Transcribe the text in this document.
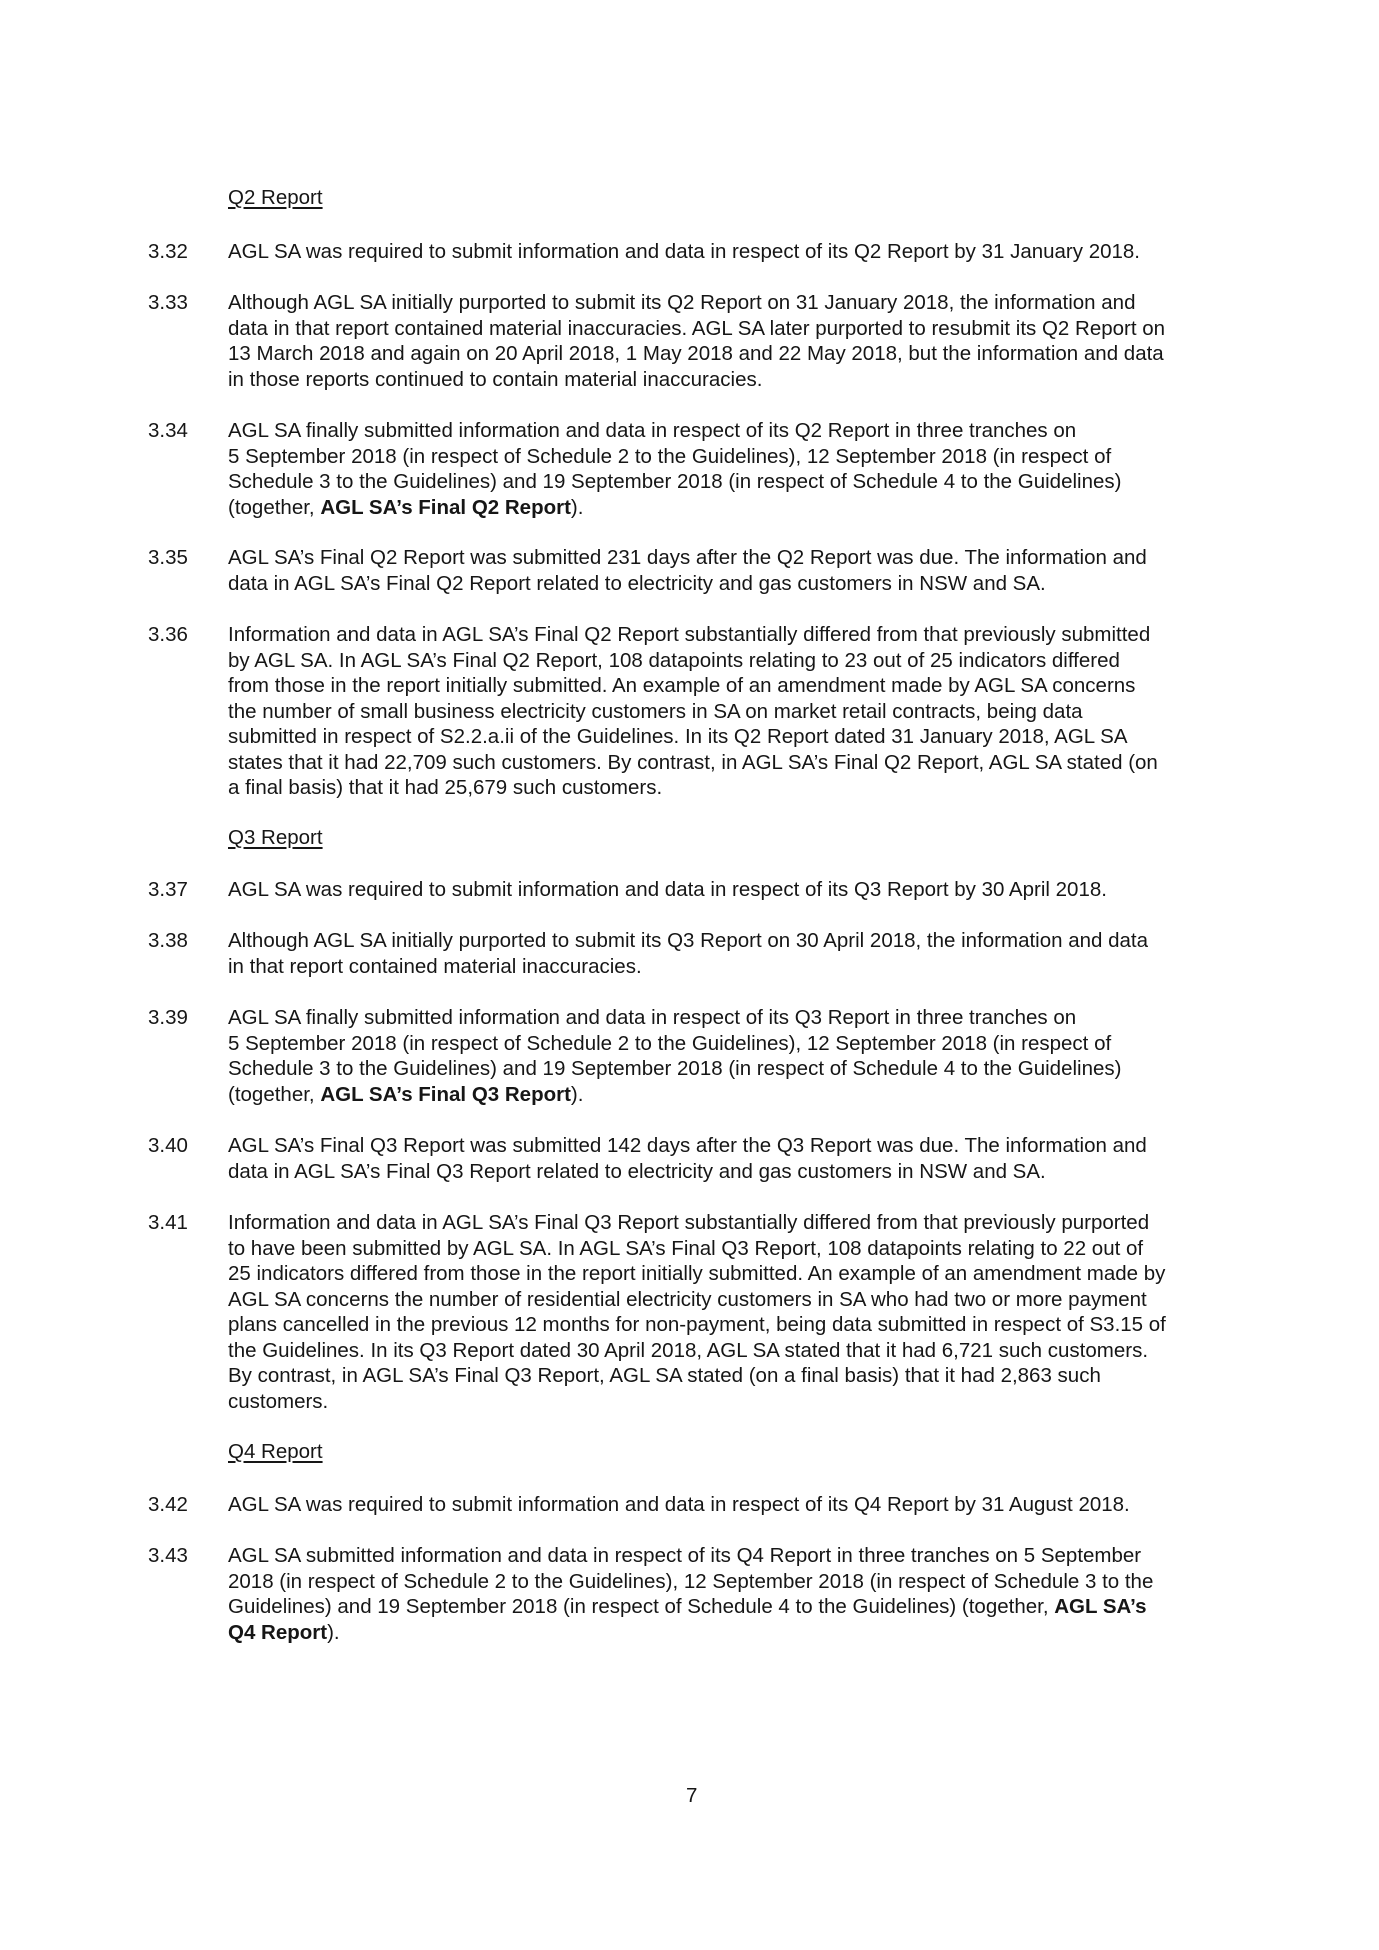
Q2 Report
3.32 AGL SA was required to submit information and data in respect of its Q2 Report by 31 January 2018.
3.33 Although AGL SA initially purported to submit its Q2 Report on 31 January 2018, the information and
data in that report contained material inaccuracies. AGL SA later purported to resubmit its Q2 Report on
13 March 2018 and again on 20 April 2018, 1 May 2018 and 22 May 2018, but the information and data
in those reports continued to contain material inaccuracies.
3.34 AGL SA finally submitted information and data in respect of its Q2 Report in three tranches on
5 September 2018 (in respect of Schedule 2 to the Guidelines), 12 September 2018 (in respect of
Schedule 3 to the Guidelines) and 19 September 2018 (in respect of Schedule 4 to the Guidelines)
(together, AGL SA’s Final Q2 Report).
3.35 AGL SA’s Final Q2 Report was submitted 231 days after the Q2 Report was due. The information and
data in AGL SA’s Final Q2 Report related to electricity and gas customers in NSW and SA.
3.36 Information and data in AGL SA’s Final Q2 Report substantially differed from that previously submitted
by AGL SA. In AGL SA’s Final Q2 Report, 108 datapoints relating to 23 out of 25 indicators differed
from those in the report initially submitted. An example of an amendment made by AGL SA concerns
the number of small business electricity customers in SA on market retail contracts, being data
submitted in respect of S2.2.a.ii of the Guidelines. In its Q2 Report dated 31 January 2018, AGL SA
states that it had 22,709 such customers. By contrast, in AGL SA’s Final Q2 Report, AGL SA stated (on
a final basis) that it had 25,679 such customers.
Q3 Report
3.37 AGL SA was required to submit information and data in respect of its Q3 Report by 30 April 2018.
3.38 Although AGL SA initially purported to submit its Q3 Report on 30 April 2018, the information and data
in that report contained material inaccuracies.
3.39 AGL SA finally submitted information and data in respect of its Q3 Report in three tranches on
5 September 2018 (in respect of Schedule 2 to the Guidelines), 12 September 2018 (in respect of
Schedule 3 to the Guidelines) and 19 September 2018 (in respect of Schedule 4 to the Guidelines)
(together, AGL SA’s Final Q3 Report).
3.40 AGL SA’s Final Q3 Report was submitted 142 days after the Q3 Report was due. The information and
data in AGL SA’s Final Q3 Report related to electricity and gas customers in NSW and SA.
3.41 Information and data in AGL SA’s Final Q3 Report substantially differed from that previously purported
to have been submitted by AGL SA. In AGL SA’s Final Q3 Report, 108 datapoints relating to 22 out of
25 indicators differed from those in the report initially submitted. An example of an amendment made by
AGL SA concerns the number of residential electricity customers in SA who had two or more payment
plans cancelled in the previous 12 months for non-payment, being data submitted in respect of S3.15 of
the Guidelines. In its Q3 Report dated 30 April 2018, AGL SA stated that it had 6,721 such customers.
By contrast, in AGL SA’s Final Q3 Report, AGL SA stated (on a final basis) that it had 2,863 such
customers.
Q4 Report
3.42 AGL SA was required to submit information and data in respect of its Q4 Report by 31 August 2018.
3.43 AGL SA submitted information and data in respect of its Q4 Report in three tranches on 5 September
2018 (in respect of Schedule 2 to the Guidelines), 12 September 2018 (in respect of Schedule 3 to the
Guidelines) and 19 September 2018 (in respect of Schedule 4 to the Guidelines) (together, AGL SA’s
Q4 Report).
7
